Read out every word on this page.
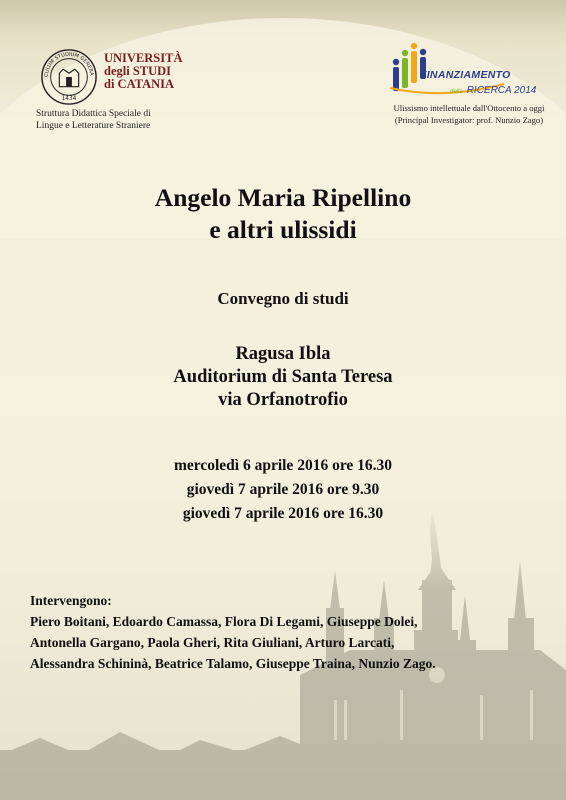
1434
CULUM STUDIUM GENERA
UNIVERSITÀ
degli STUDI
di CATANIA
Struttura Didattica Speciale di
Lingue e Letterature Straniere
FINANZIAMENTO
della RICERCA 2014
Ulissismo intellettuale dall'Ottocento a oggi
(Principal Investigator: prof. Nunzio Zago)
Angelo Maria Ripellino
e altri ulissidi
Convegno di studi
Ragusa Ibla
Auditorium di Santa Teresa
via Orfanotrofio
mercoledì 6 aprile 2016 ore 16.30
giovedì 7 aprile 2016 ore 9.30
giovedì 7 aprile 2016 ore 16.30
Intervengono:
Piero Boitani, Edoardo Camassa, Flora Di Legami, Giuseppe Dolei,
Antonella Gargano, Paola Gheri, Rita Giuliani, Arturo Larcati,
Alessandra Schininà, Beatrice Talamo, Giuseppe Traina, Nunzio Zago.
